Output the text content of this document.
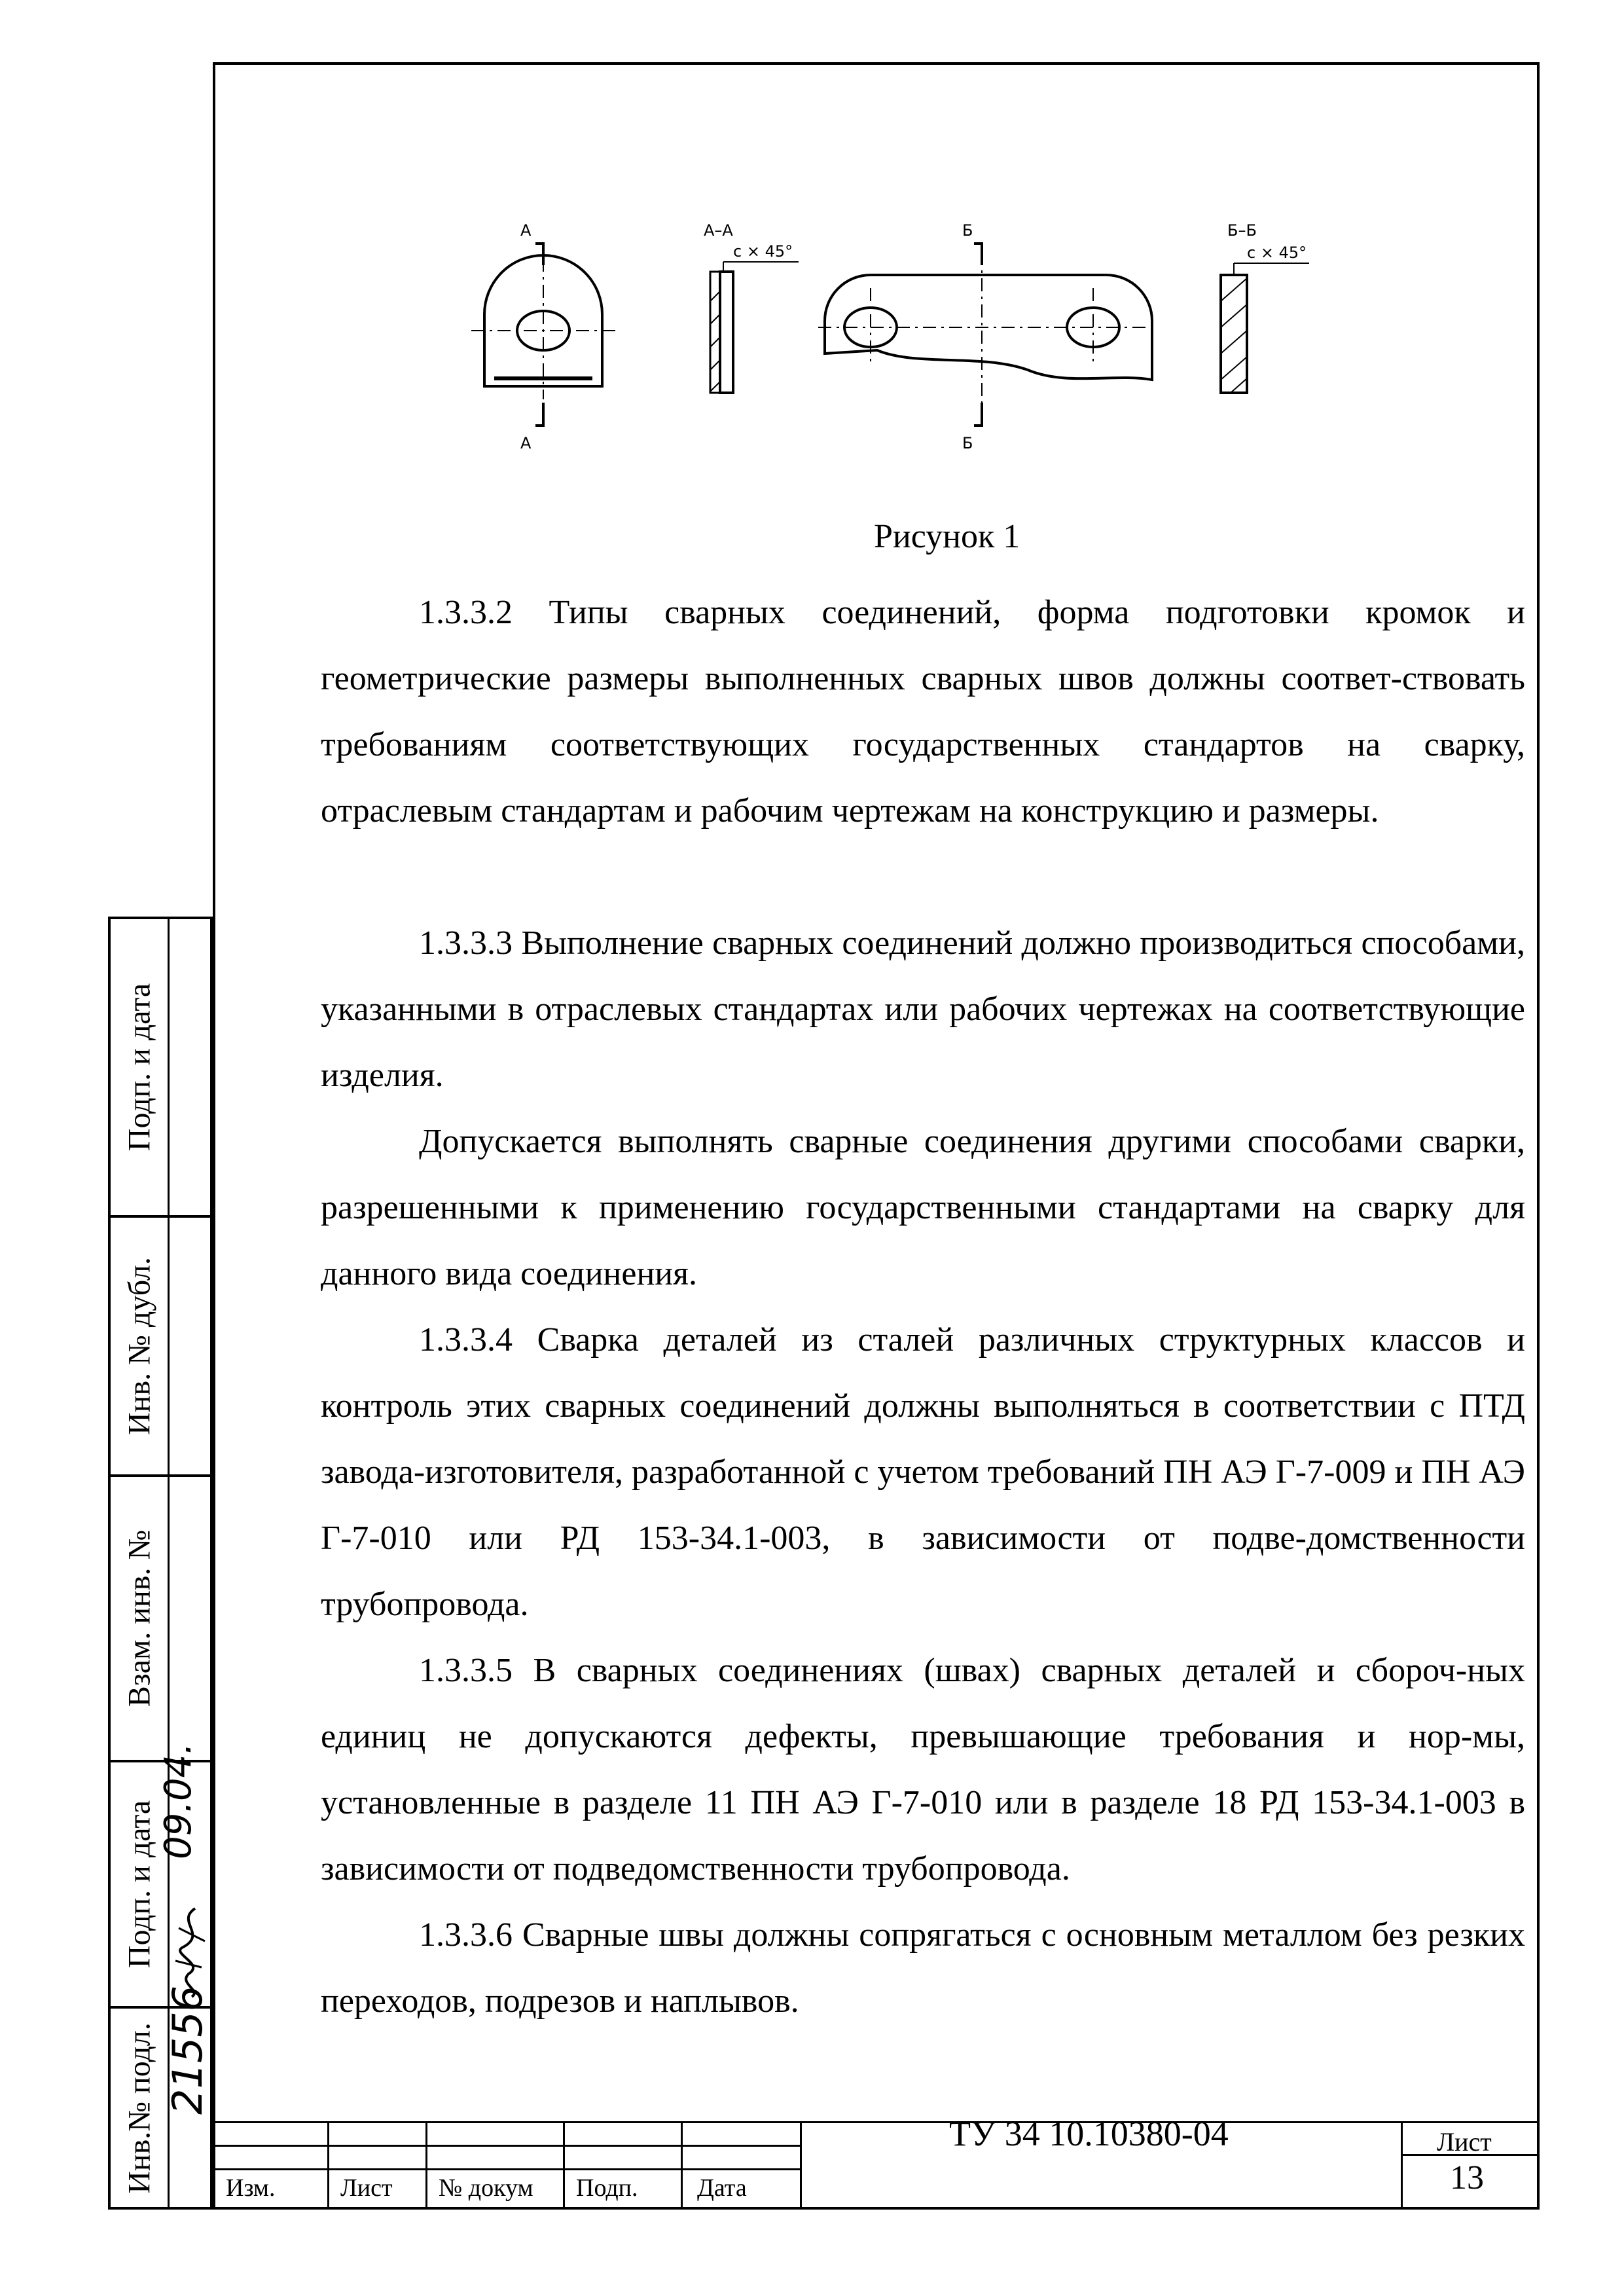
А
А
А–А
c × 45°
Б
Б
Б–Б
c × 45°
Рисунок 1
1.3.3.2 Типы сварных соединений, форма подготовки кромок и геометрические размеры выполненных сварных швов должны соответ-ствовать требованиям соответствующих государственных стандартов на сварку, отраслевым стандартам и рабочим чертежам на конструкцию и размеры.
1.3.3.3 Выполнение сварных соединений должно производиться способами, указанными в отраслевых стандартах или рабочих чертежах на соответствующие изделия.
Допускается выполнять сварные соединения другими способами сварки, разрешенными к применению государственными стандартами на сварку для данного вида соединения.
1.3.3.4 Сварка деталей из сталей различных структурных классов и контроль этих сварных соединений должны выполняться в соответствии с ПТД завода-изготовителя, разработанной с учетом требований ПН АЭ Г-7-009 и ПН АЭ Г-7-010 или РД 153-34.1-003, в зависимости от подве-домственности трубопровода.
1.3.3.5 В сварных соединениях (швах) сварных деталей и сбороч-ных единиц не допускаются дефекты, превышающие требования и нор-мы, установленные в разделе 11 ПН АЭ Г-7-010 или в разделе 18 РД 153-34.1-003 в зависимости от подведомственности трубопровода.
1.3.3.6 Сварные швы должны сопрягаться с основным металлом без резких переходов, подрезов и наплывов.
Подп. и дата
Инв. № дубл.
Взам. инв. №
Подп. и дата
Инв.№ подл.
09.04.
21556
Изм.	Лист № докум Подп. Дата
ТУ 34 10.10380-04	Лист
13
